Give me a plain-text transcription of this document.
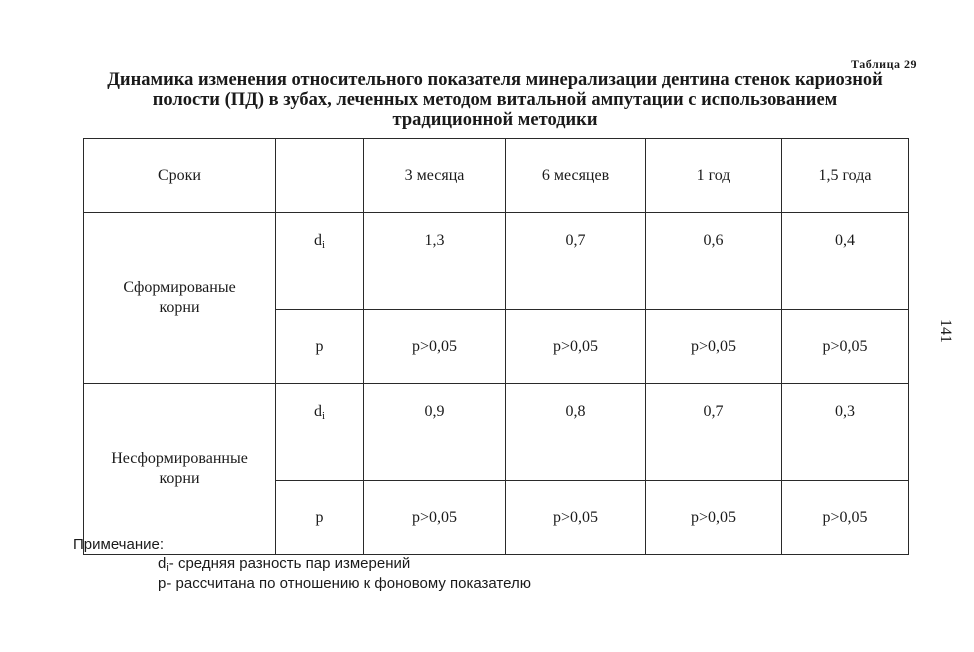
Таблица 29
Динамика изменения относительного показателя минерализации дентина стенок кариозной
полости (ПД) в зубах, леченных методом витальной ампутации с использованием
традиционной методики
Сроки		3 месяца	6 месяцев	1 год	1,5 года

Сформированые
корни	$d_i$	1,3	0,7	0,6	0,4
	p	p>0,05	p>0,05	p>0,05	p>0,05

Несформированные
корни	$d_i$	0,9	0,8	0,7	0,3
	p	p>0,05	p>0,05	p>0,05	p>0,05
141
Примечание:
$d_i-$ средняя разность пар измерений
p- рассчитана по отношению к фоновому показателю
